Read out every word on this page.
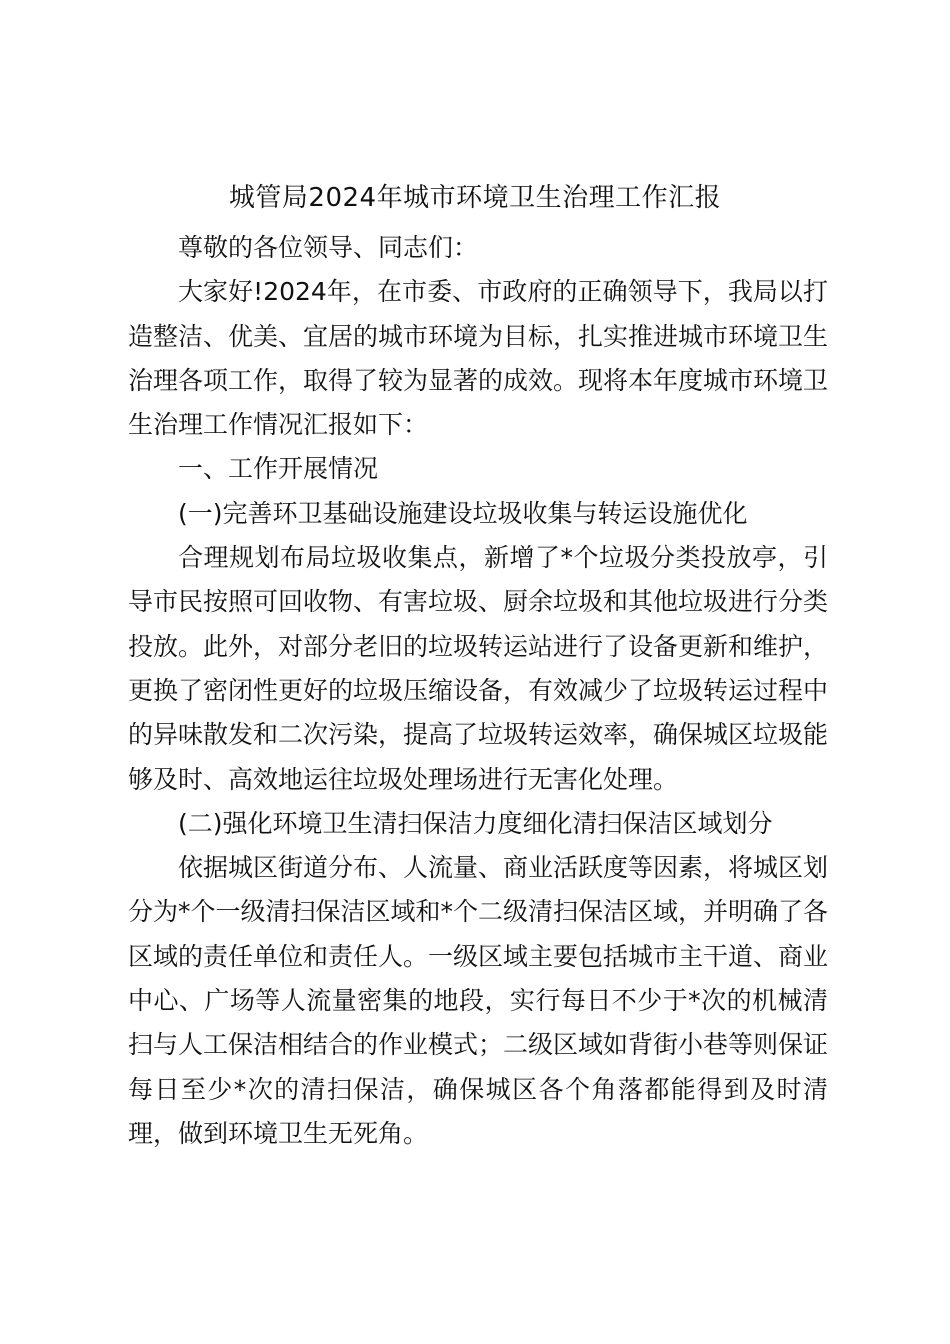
城管局2024年城市环境卫生治理工作汇报

尊敬的各位领导、同志们：

大家好!2024年，在市委、市政府的正确领导下，我局以打造整洁、优美、宜居的城市环境为目标，扎实推进城市环境卫生治理各项工作，取得了较为显著的成效。现将本年度城市环境卫生治理工作情况汇报如下：

一、工作开展情况

(一)完善环卫基础设施建设垃圾收集与转运设施优化

合理规划布局垃圾收集点，新增了*个垃圾分类投放亭，引导市民按照可回收物、有害垃圾、厨余垃圾和其他垃圾进行分类投放。此外，对部分老旧的垃圾转运站进行了设备更新和维护，更换了密闭性更好的垃圾压缩设备，有效减少了垃圾转运过程中的异味散发和二次污染，提高了垃圾转运效率，确保城区垃圾能够及时、高效地运往垃圾处理场进行无害化处理。

(二)强化环境卫生清扫保洁力度细化清扫保洁区域划分

依据城区街道分布、人流量、商业活跃度等因素，将城区划分为*个一级清扫保洁区域和*个二级清扫保洁区域，并明确了各区域的责任单位和责任人。一级区域主要包括城市主干道、商业中心、广场等人流量密集的地段，实行每日不少于*次的机械清扫与人工保洁相结合的作业模式；二级区域如背街小巷等则保证每日至少*次的清扫保洁，确保城区各个角落都能得到及时清理，做到环境卫生无死角。
